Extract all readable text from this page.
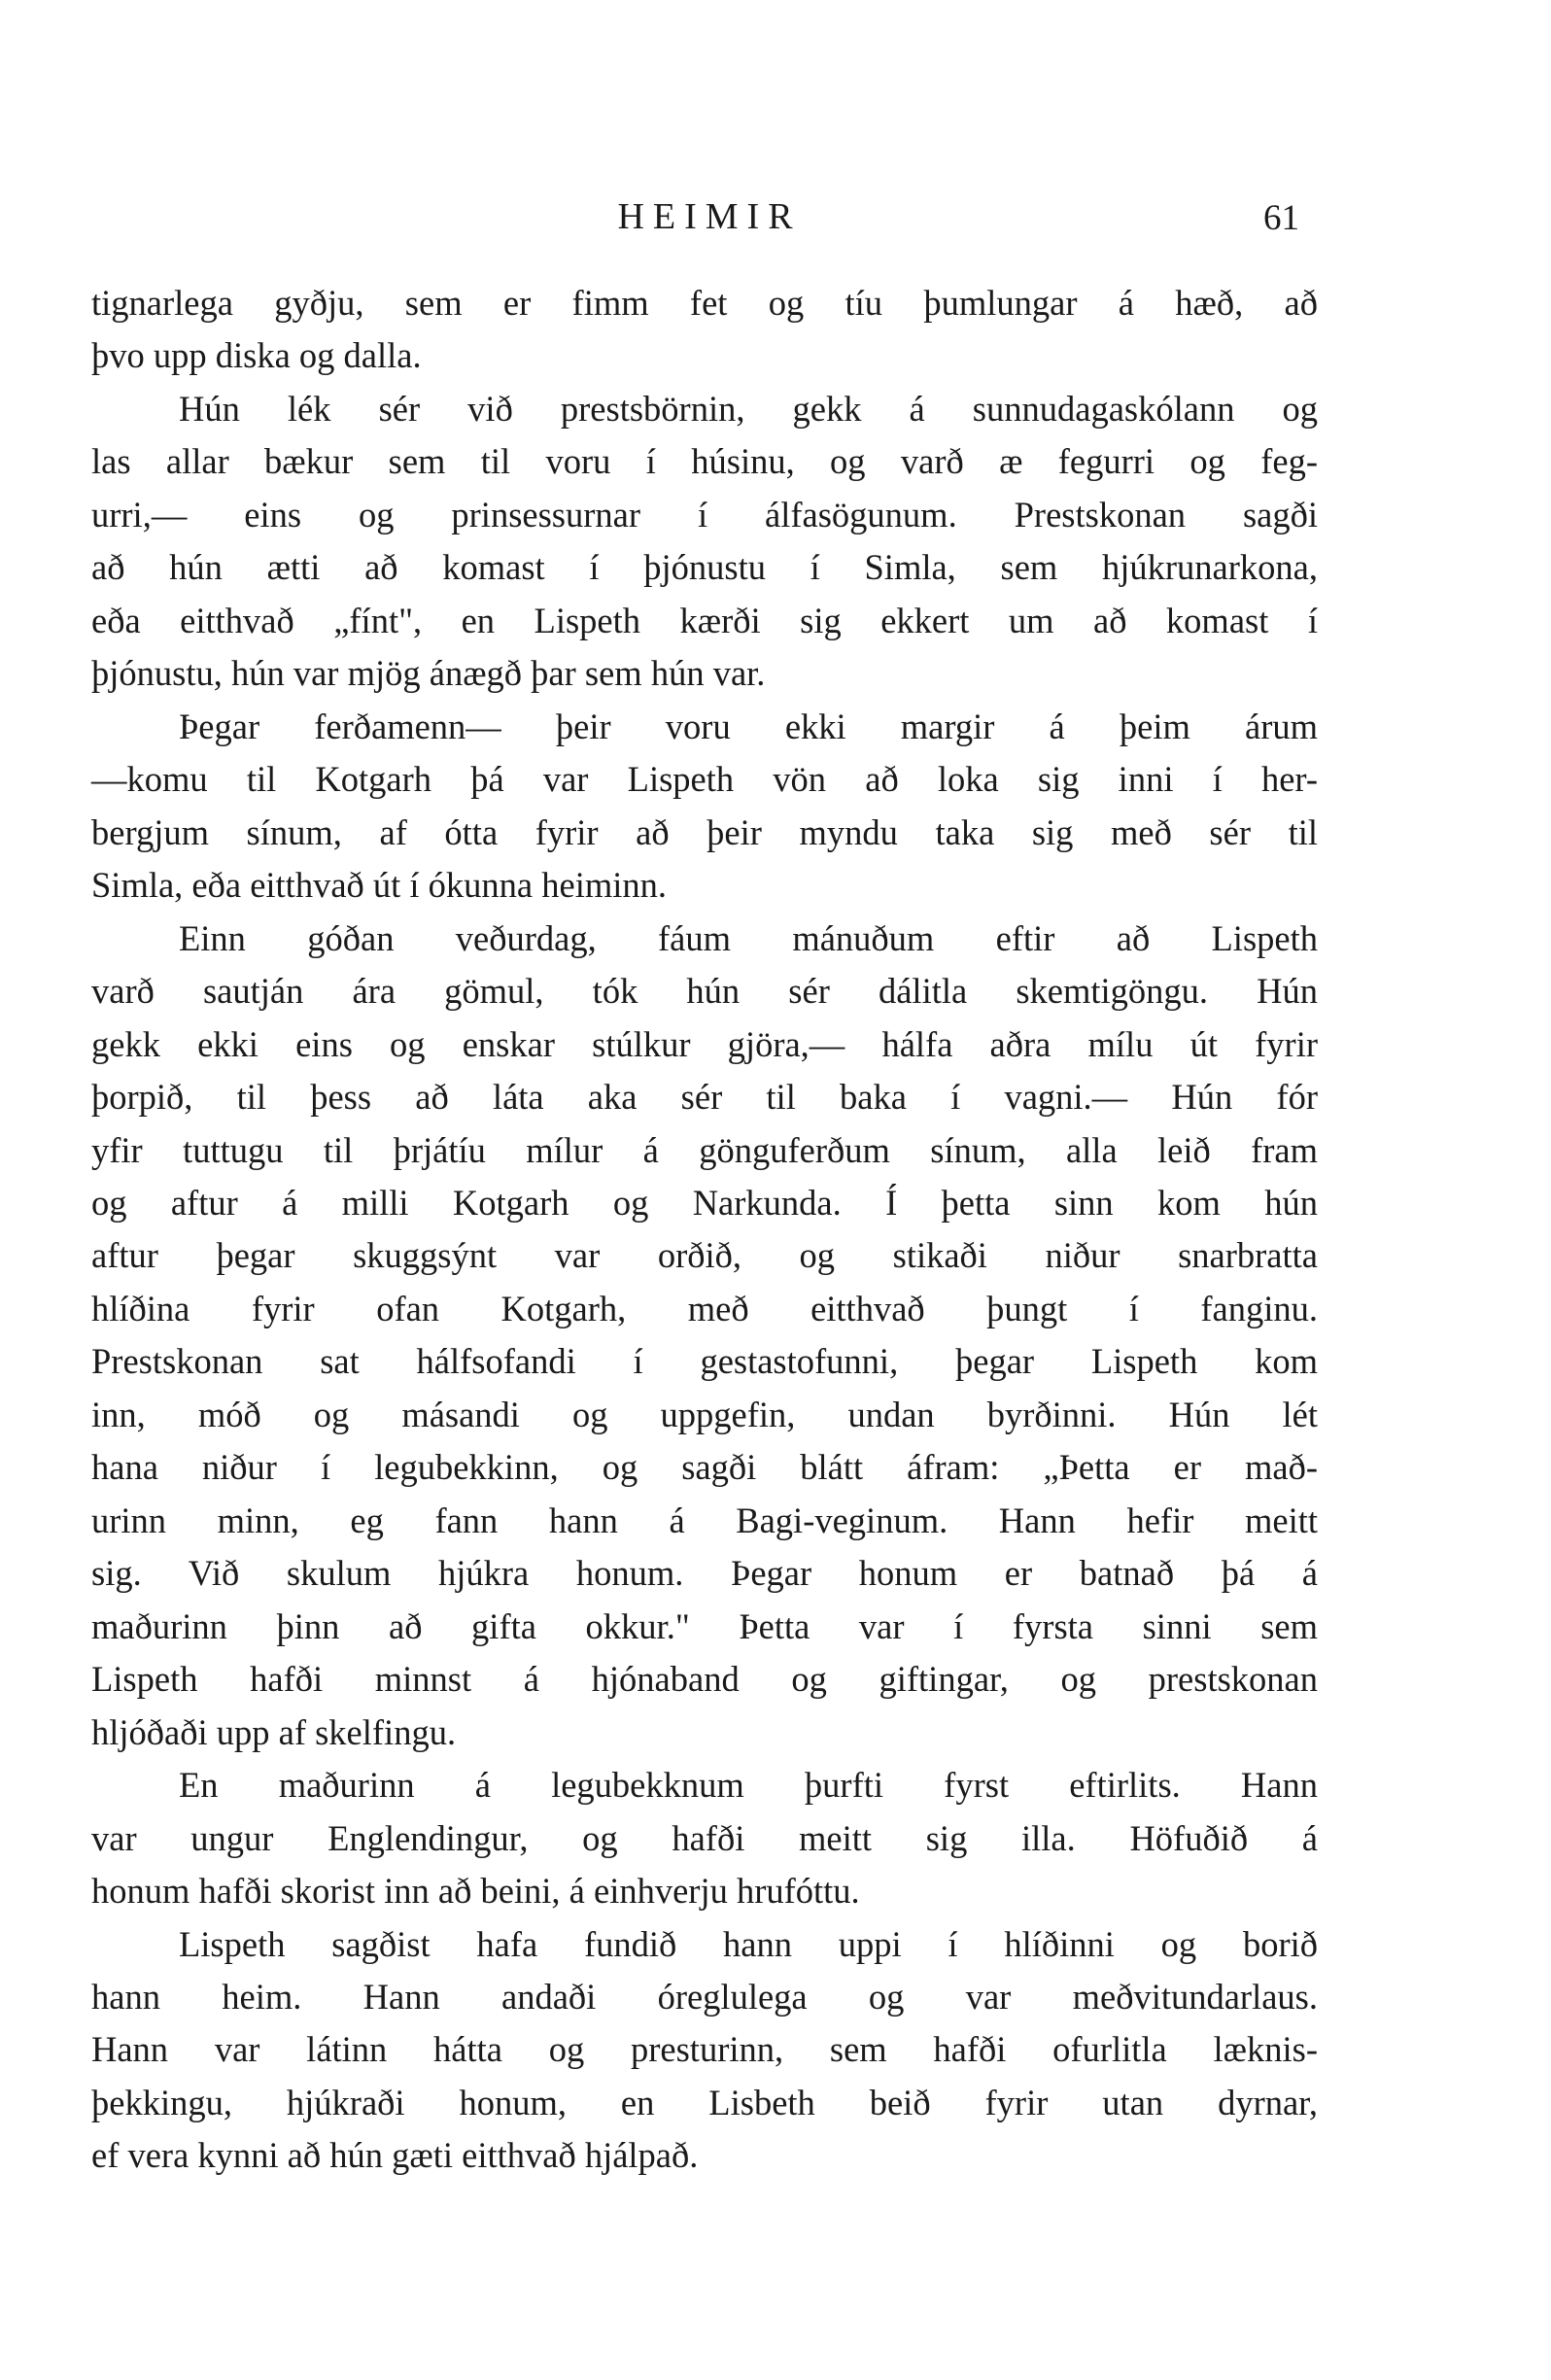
HEIMIR	61
tignarlega gyðju, sem er fimm fet og tíu þumlungar á hæð, að
þvo upp diska og dalla.
Hún lék sér við prestsbörnin, gekk á sunnudagaskólann og
las allar bækur sem til voru í húsinu, og varð æ fegurri og feg-
urri,— eins og prinsessurnar í álfasögunum. Prestskonan sagði
að hún ætti að komast í þjónustu í Simla, sem hjúkrunarkona,
eða eitthvað „fínt", en Lispeth kærði sig ekkert um að komast í
þjónustu, hún var mjög ánægð þar sem hún var.
Þegar ferðamenn— þeir voru ekki margir á þeim árum
—komu til Kotgarh þá var Lispeth vön að loka sig inni í her-
bergjum sínum, af ótta fyrir að þeir myndu taka sig með sér til
Simla, eða eitthvað út í ókunna heiminn.
Einn góðan veðurdag, fáum mánuðum eftir að Lispeth
varð sautján ára gömul, tók hún sér dálitla skemtigöngu. Hún
gekk ekki eins og enskar stúlkur gjöra,— hálfa aðra mílu út fyrir
þorpið, til þess að láta aka sér til baka í vagni.— Hún fór
yfir tuttugu til þrjátíu mílur á gönguferðum sínum, alla leið fram
og aftur á milli Kotgarh og Narkunda. Í þetta sinn kom hún
aftur þegar skuggsýnt var orðið, og stikaði niður snarbratta
hlíðina fyrir ofan Kotgarh, með eitthvað þungt í fanginu.
Prestskonan sat hálfsofandi í gestastofunni, þegar Lispeth kom
inn, móð og másandi og uppgefin, undan byrðinni. Hún lét
hana niður í legubekkinn, og sagði blátt áfram: „Þetta er mað-
urinn minn, eg fann hann á Bagi-veginum. Hann hefir meitt
sig. Við skulum hjúkra honum. Þegar honum er batnað þá á
maðurinn þinn að gifta okkur." Þetta var í fyrsta sinni sem
Lispeth hafði minnst á hjónaband og giftingar, og prestskonan
hljóðaði upp af skelfingu.
En maðurinn á legubekknum þurfti fyrst eftirlits. Hann
var ungur Englendingur, og hafði meitt sig illa. Höfuðið á
honum hafði skorist inn að beini, á einhverju hrufóttu.
Lispeth sagðist hafa fundið hann uppi í hlíðinni og borið
hann heim. Hann andaði óreglulega og var meðvitundarlaus.
Hann var látinn hátta og presturinn, sem hafði ofurlitla læknis-
þekkingu, hjúkraði honum, en Lisbeth beið fyrir utan dyrnar,
ef vera kynni að hún gæti eitthvað hjálpað.
